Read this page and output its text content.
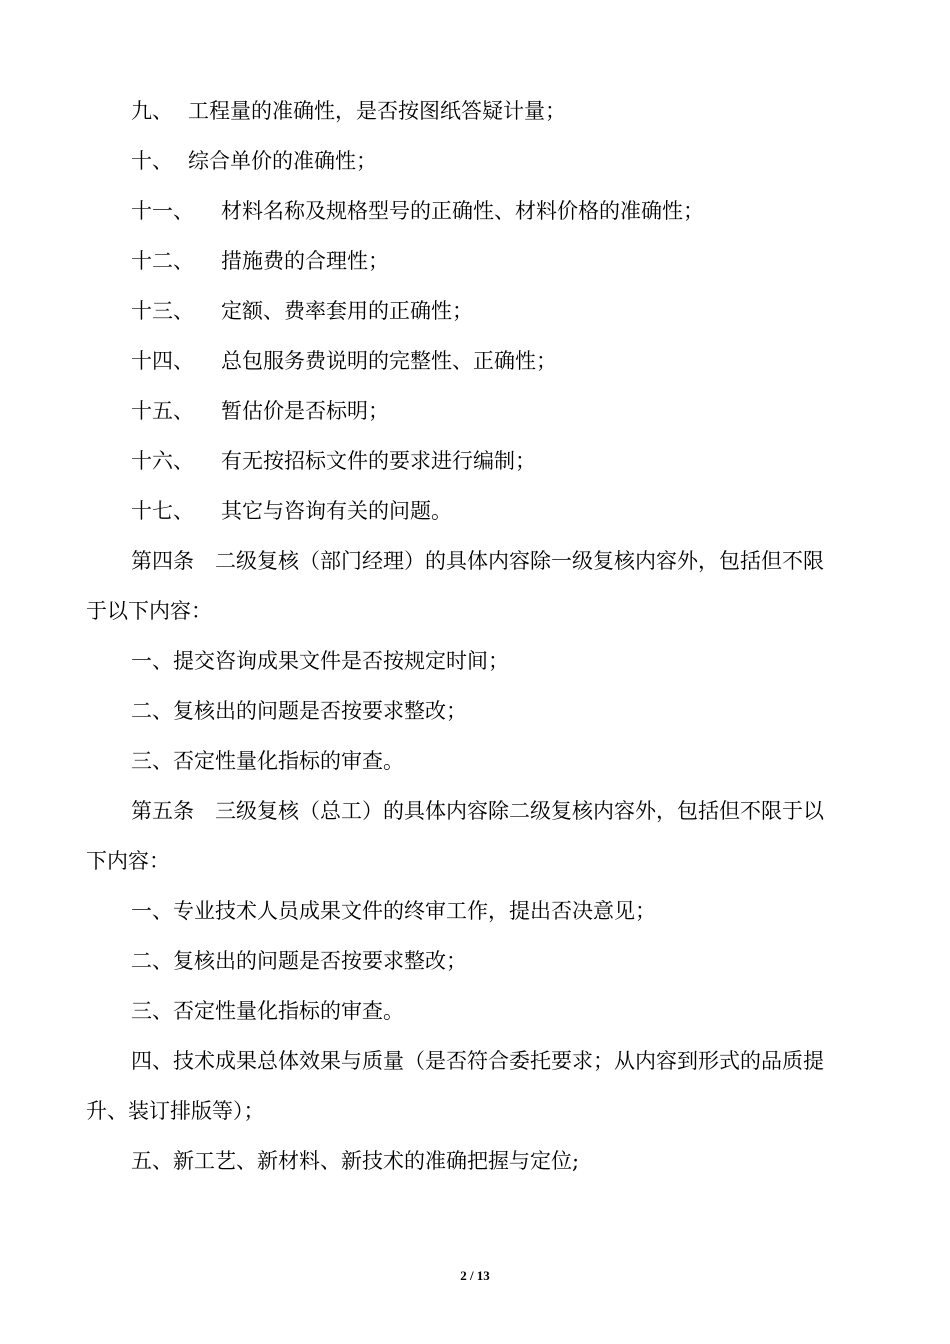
九、 工程量的准确性，是否按图纸答疑计量；
十、 综合单价的准确性；
十一、 材料名称及规格型号的正确性、材料价格的准确性；
十二、 措施费的合理性；
十三、 定额、费率套用的正确性；
十四、 总包服务费说明的完整性、正确性；
十五、 暂估价是否标明；
十六、 有无按招标文件的要求进行编制；
十七、 其它与咨询有关的问题。
第四条　二级复核（部门经理）的具体内容除一级复核内容外，包括但不限
于以下内容：
一、提交咨询成果文件是否按规定时间；
二、复核出的问题是否按要求整改；
三、否定性量化指标的审查。
第五条　三级复核（总工）的具体内容除二级复核内容外，包括但不限于以
下内容：
一、专业技术人员成果文件的终审工作，提出否决意见；
二、复核出的问题是否按要求整改；
三、否定性量化指标的审查。
四、技术成果总体效果与质量（是否符合委托要求；从内容到形式的品质提
升、装订排版等）；
五、新工艺、新材料、新技术的准确把握与定位;
2 / 13
